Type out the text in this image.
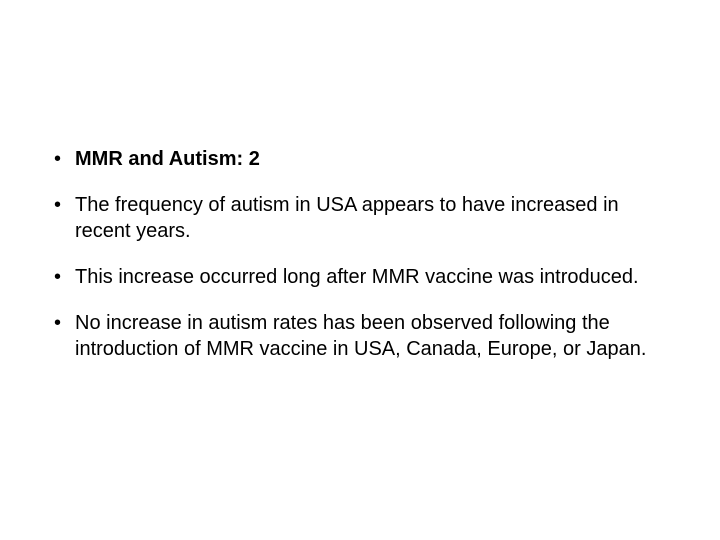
• MMR and Autism: 2
• The frequency of autism in USA appears to have increased in recent years.
• This increase occurred long after MMR vaccine was introduced.
• No increase in autism rates has been observed following the introduction of MMR vaccine in USA, Canada, Europe, or Japan.
